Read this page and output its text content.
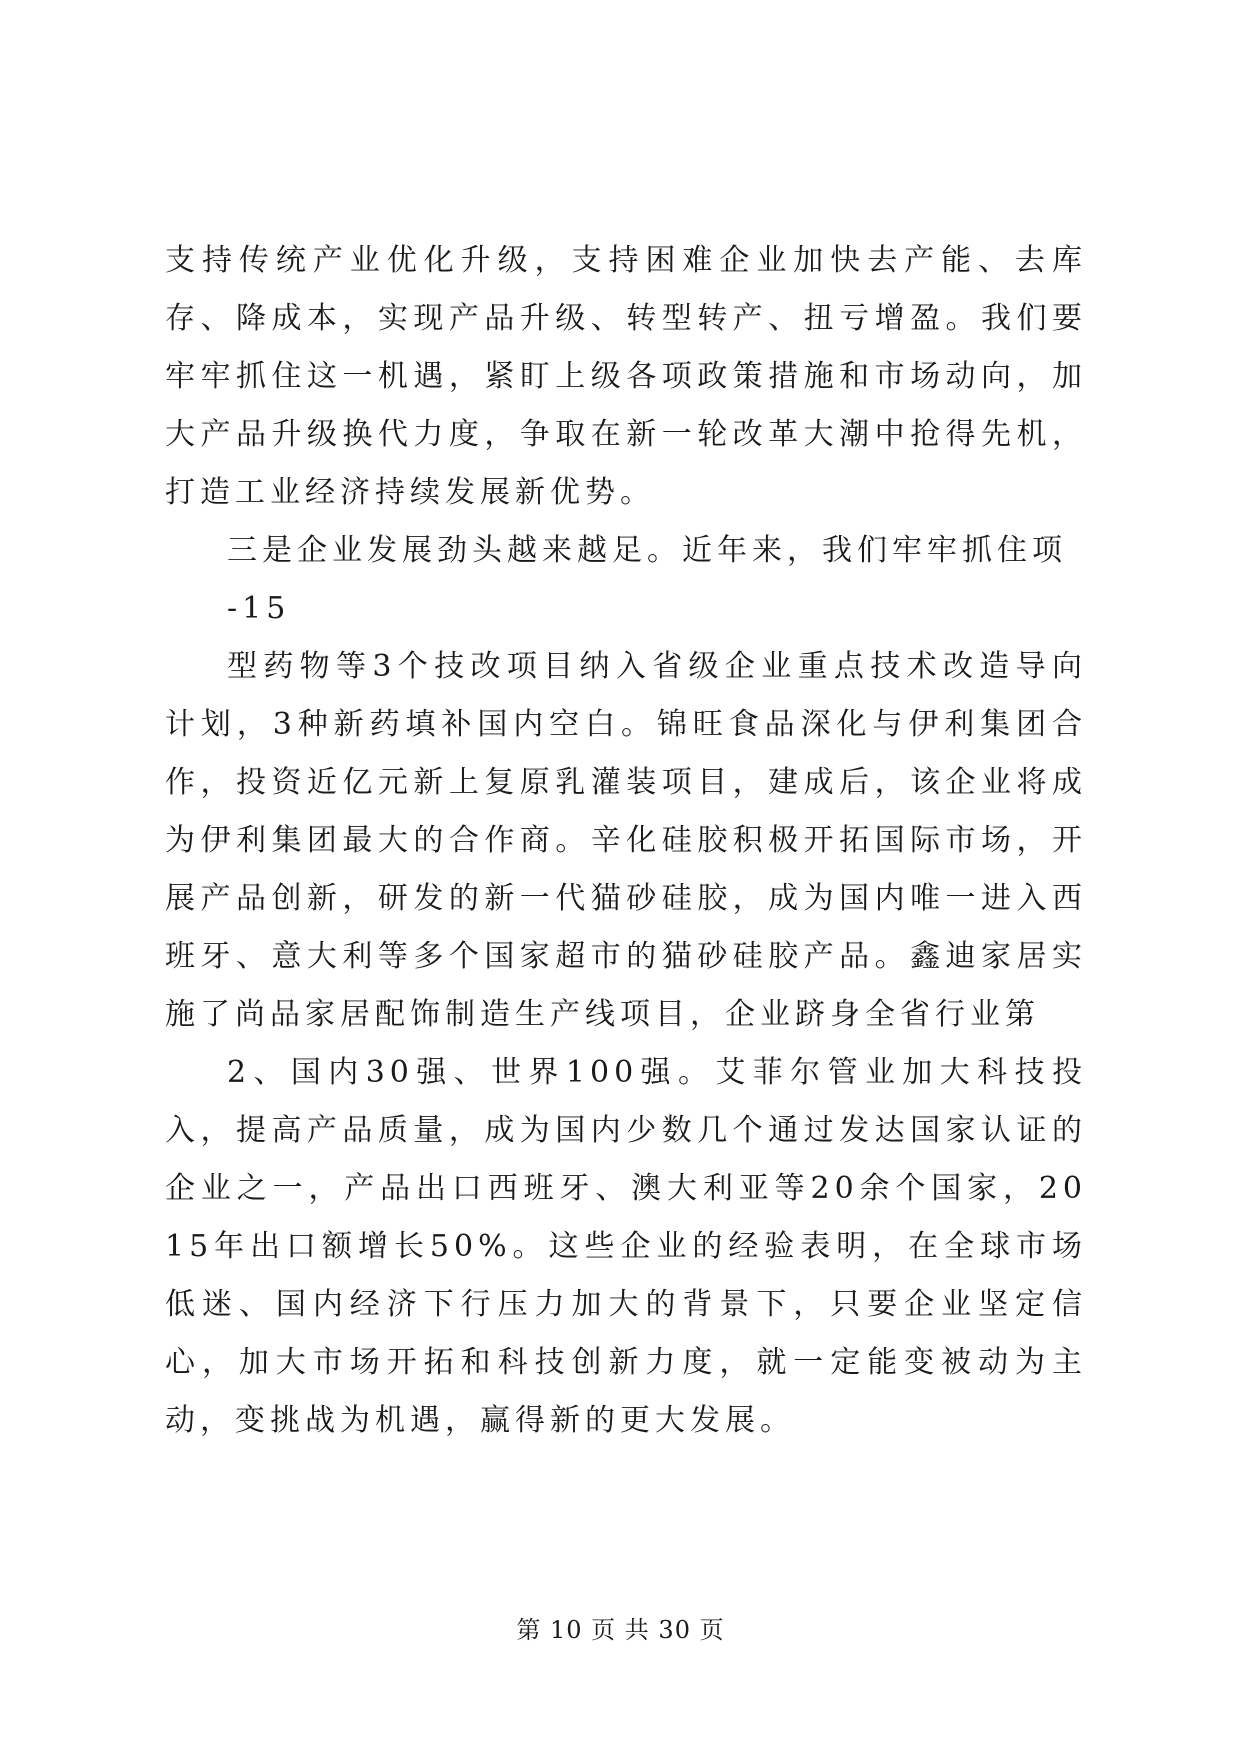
支持传统产业优化升级，支持困难企业加快去产能、去库存、降成本，实现产品升级、转型转产、扭亏增盈。我们要牢牢抓住这一机遇，紧盯上级各项政策措施和市场动向，加大产品升级换代力度，争取在新一轮改革大潮中抢得先机，打造工业经济持续发展新优势。

三是企业发展劲头越来越足。近年来，我们牢牢抓住项

-15

型药物等3个技改项目纳入省级企业重点技术改造导向计划，3种新药填补国内空白。锦旺食品深化与伊利集团合作，投资近亿元新上复原乳灌装项目，建成后，该企业将成为伊利集团最大的合作商。辛化硅胶积极开拓国际市场，开展产品创新，研发的新一代猫砂硅胶，成为国内唯一进入西班牙、意大利等多个国家超市的猫砂硅胶产品。鑫迪家居实施了尚品家居配饰制造生产线项目，企业跻身全省行业第

2、国内30强、世界100强。艾菲尔管业加大科技投入，提高产品质量，成为国内少数几个通过发达国家认证的企业之一，产品出口西班牙、澳大利亚等20余个国家，2015年出口额增长50%。这些企业的经验表明，在全球市场低迷、国内经济下行压力加大的背景下，只要企业坚定信心，加大市场开拓和科技创新力度，就一定能变被动为主动，变挑战为机遇，赢得新的更大发展。

第 10 页 共 30 页
